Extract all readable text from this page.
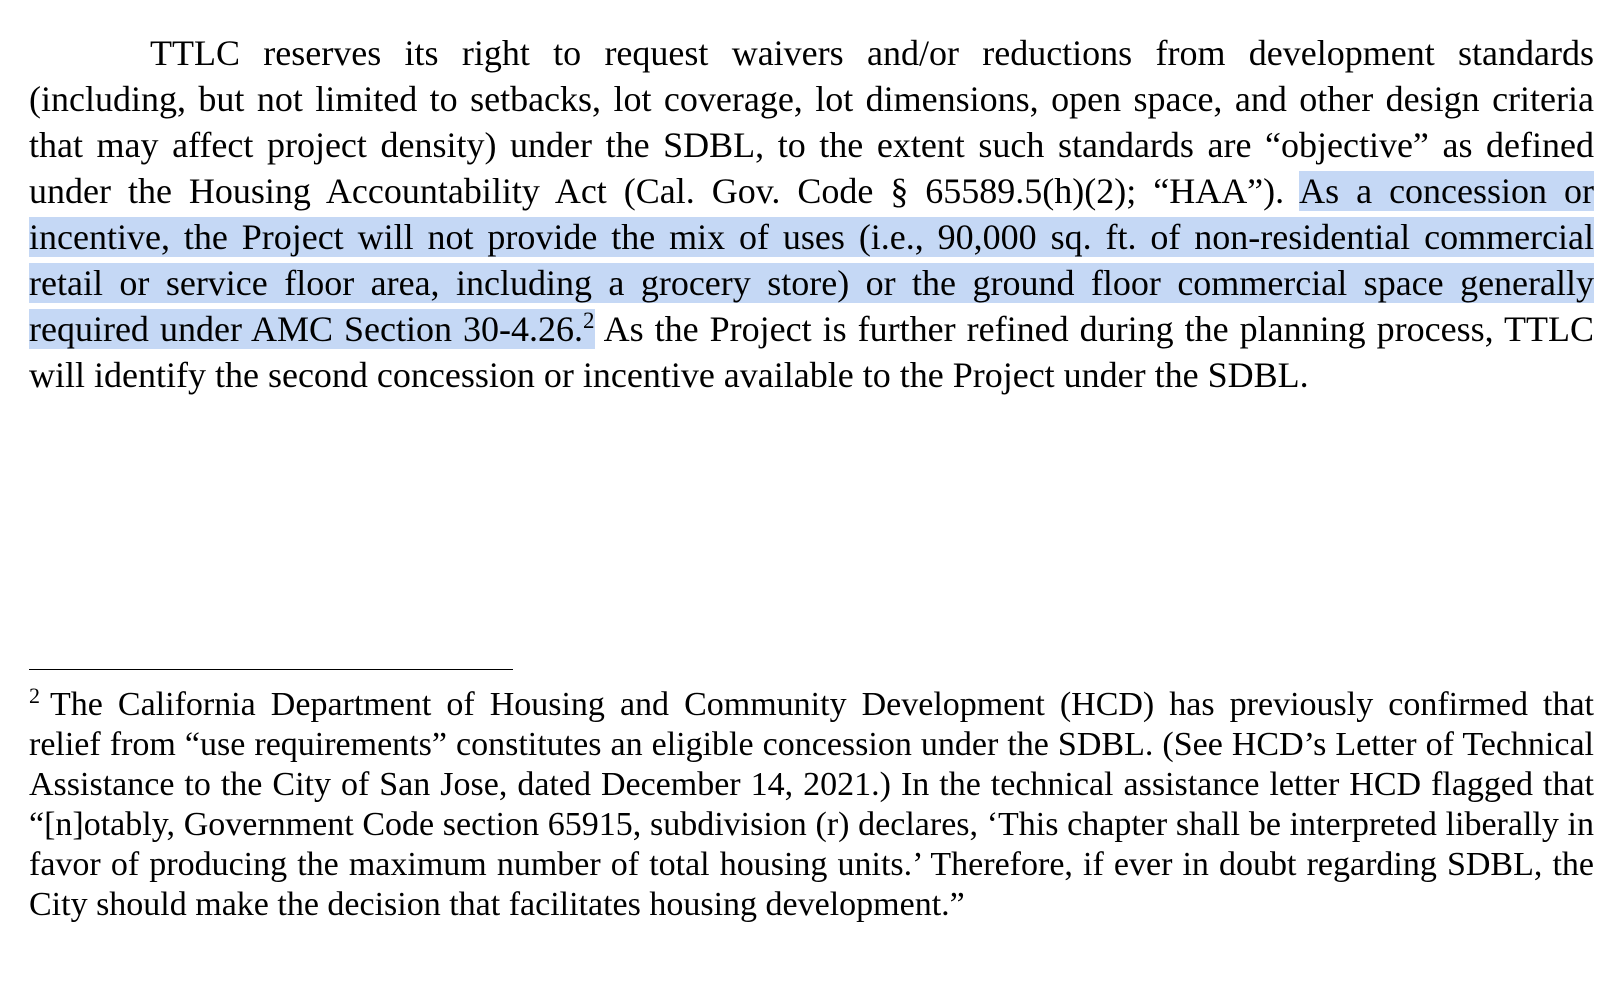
TTLC reserves its right to request waivers and/or reductions from development standards (including, but not limited to setbacks, lot coverage, lot dimensions, open space, and other design criteria that may affect project density) under the SDBL, to the extent such standards are “objective” as defined under the Housing Accountability Act (Cal. Gov. Code § 65589.5(h)(2); “HAA”). As a concession or incentive, the Project will not provide the mix of uses (i.e., 90,000 sq. ft. of non-residential commercial retail or service floor area, including a grocery store) or the ground floor commercial space generally required under AMC Section 30-4.26.$^2$ As the Project is further refined during the planning process, TTLC will identify the second concession or incentive available to the Project under the SDBL.

$^2$ The California Department of Housing and Community Development (HCD) has previously confirmed that relief from “use requirements” constitutes an eligible concession under the SDBL. (See HCD’s Letter of Technical Assistance to the City of San Jose, dated December 14, 2021.) In the technical assistance letter HCD flagged that “[n]otably, Government Code section 65915, subdivision (r) declares, ‘This chapter shall be interpreted liberally in favor of producing the maximum number of total housing units.’ Therefore, if ever in doubt regarding SDBL, the City should make the decision that facilitates housing development.”
